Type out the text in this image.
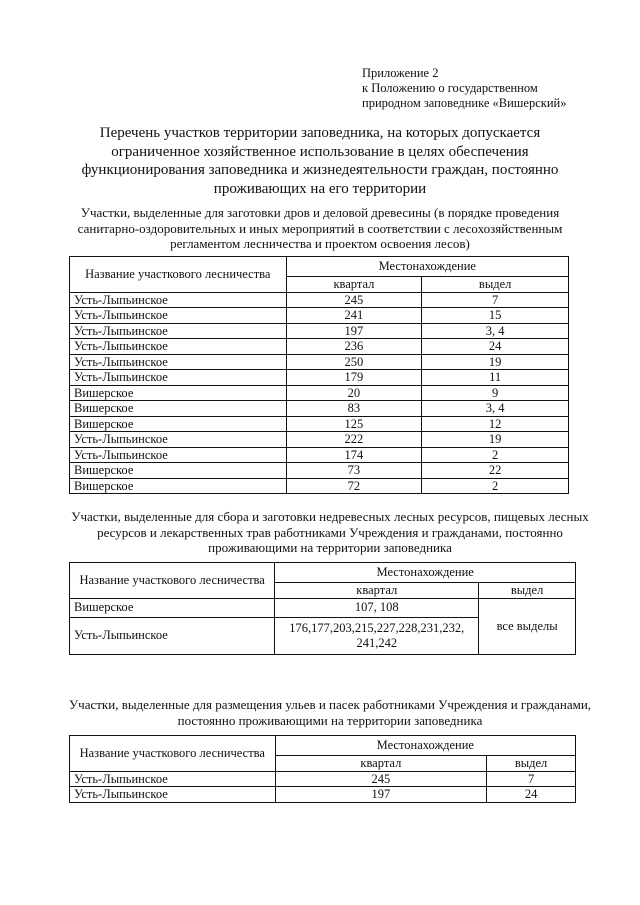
Приложение 2
к Положению о государственном
природном заповеднике «Вишерский»
Перечень участков территории заповедника, на которых допускается
ограниченное хозяйственное использование в целях обеспечения
функционирования заповедника и жизнедеятельности граждан, постоянно
проживающих на его территории
Участки, выделенные для заготовки дров и деловой древесины (в порядке проведения
санитарно-оздоровительных и иных мероприятий в соответствии с лесохозяйственным
регламентом лесничества и проектом освоения лесов)
Название участкового лесничества	Местонахождение	
	квартал	выдел
Усть-Лыпьинское	245	7
Усть-Лыпьинское	241	15
Усть-Лыпьинское	197	3, 4
Усть-Лыпьинское	236	24
Усть-Лыпьинское	250	19
Усть-Лыпьинское	179	11
Вишерское	20	9
Вишерское	83	3, 4
Вишерское	125	12
Усть-Лыпьинское	222	19
Усть-Лыпьинское	174	2
Вишерское	73	22
Вишерское	72	2
Участки, выделенные для сбора и заготовки недревесных лесных ресурсов, пищевых лесных
ресурсов и лекарственных трав работниками Учреждения и гражданами, постоянно
проживающими на территории заповедника
Название участкового лесничества	Местонахождение	
	квартал	выдел
Вишерское	107, 108	все выделы
Усть-Лыпьинское	176,177,203,215,227,228,231,232,
241,242	
Участки, выделенные для размещения ульев и пасек работниками Учреждения и гражданами,
постоянно проживающими на территории заповедника
Название участкового лесничества	Местонахождение	
	квартал	выдел
Усть-Лыпьинское	245	7
Усть-Лыпьинское	197	24
